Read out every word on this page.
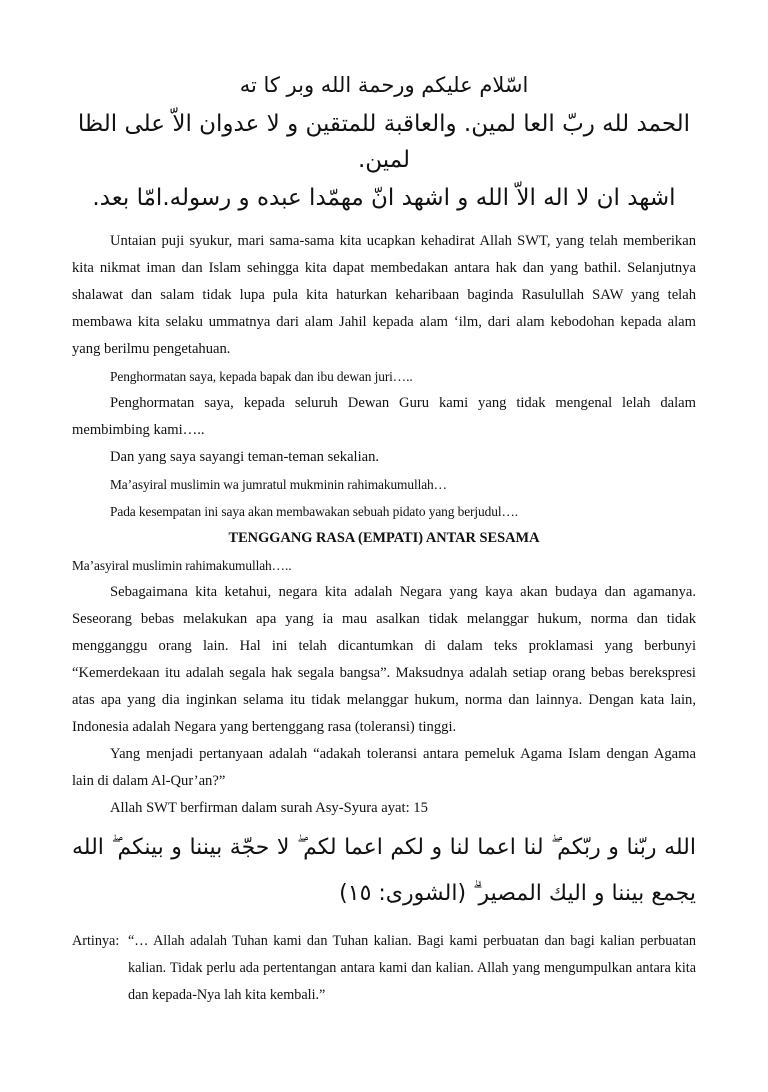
اسّلام عليكم ورحمة الله وبر كا ته
الحمد لله ربّ العا لمين. والعاقبة للمتقين و لا عدوان الاّ على الظا لمين.
اشهد ان لا اله الاّ الله و اشهد انّ مهمّدا عبده و رسوله.امّا بعد.

Untaian puji syukur, mari sama-sama kita ucapkan kehadirat Allah SWT, yang telah memberikan kita nikmat iman dan Islam sehingga kita dapat membedakan antara hak dan yang bathil. Selanjutnya shalawat dan salam tidak lupa pula kita haturkan keharibaan baginda Rasulullah SAW yang telah membawa kita selaku ummatnya dari alam Jahil kepada alam ‘ilm, dari alam kebodohan kepada alam yang berilmu pengetahuan.

Penghormatan saya, kepada bapak dan ibu dewan juri…..

Penghormatan saya, kepada seluruh Dewan Guru kami yang tidak mengenal lelah dalam membimbing kami…..

Dan yang saya sayangi teman-teman sekalian.

Ma’asyiral muslimin wa jumratul mukminin rahimakumullah…

Pada kesempatan ini saya akan membawakan sebuah pidato yang berjudul….

TENGGANG RASA (EMPATI) ANTAR SESAMA

Ma’asyiral muslimin rahimakumullah…..

Sebagaimana kita ketahui, negara kita adalah Negara yang kaya akan budaya dan agamanya. Seseorang bebas melakukan apa yang ia mau asalkan tidak melanggar hukum, norma dan tidak mengganggu orang lain. Hal ini telah dicantumkan di dalam teks proklamasi yang berbunyi “Kemerdekaan itu adalah segala hak segala bangsa”. Maksudnya adalah setiap orang bebas berekspresi atas apa yang dia inginkan selama itu tidak melanggar hukum, norma dan lainnya. Dengan kata lain, Indonesia adalah Negara yang bertenggang rasa (toleransi) tinggi.

Yang menjadi pertanyaan adalah “adakah toleransi antara pemeluk Agama Islam dengan Agama lain di dalam Al-Qur’an?”

Allah SWT berfirman dalam surah Asy-Syura ayat: 15

الله ربّنا و ربّكم ۖ لنا اعما لنا و لكم اعما لكم ۖ لا حجّة بيننا و بينكم ۖ الله
يجمع بيننا و اليك المصير ۗ (الشورى: ١٥)
Artinya: “… Allah adalah Tuhan kami dan Tuhan kalian. Bagi kami perbuatan dan bagi kalian perbuatan kalian. Tidak perlu ada pertentangan antara kami dan kalian. Allah yang mengumpulkan antara kita dan kepada-Nya lah kita kembali.”
